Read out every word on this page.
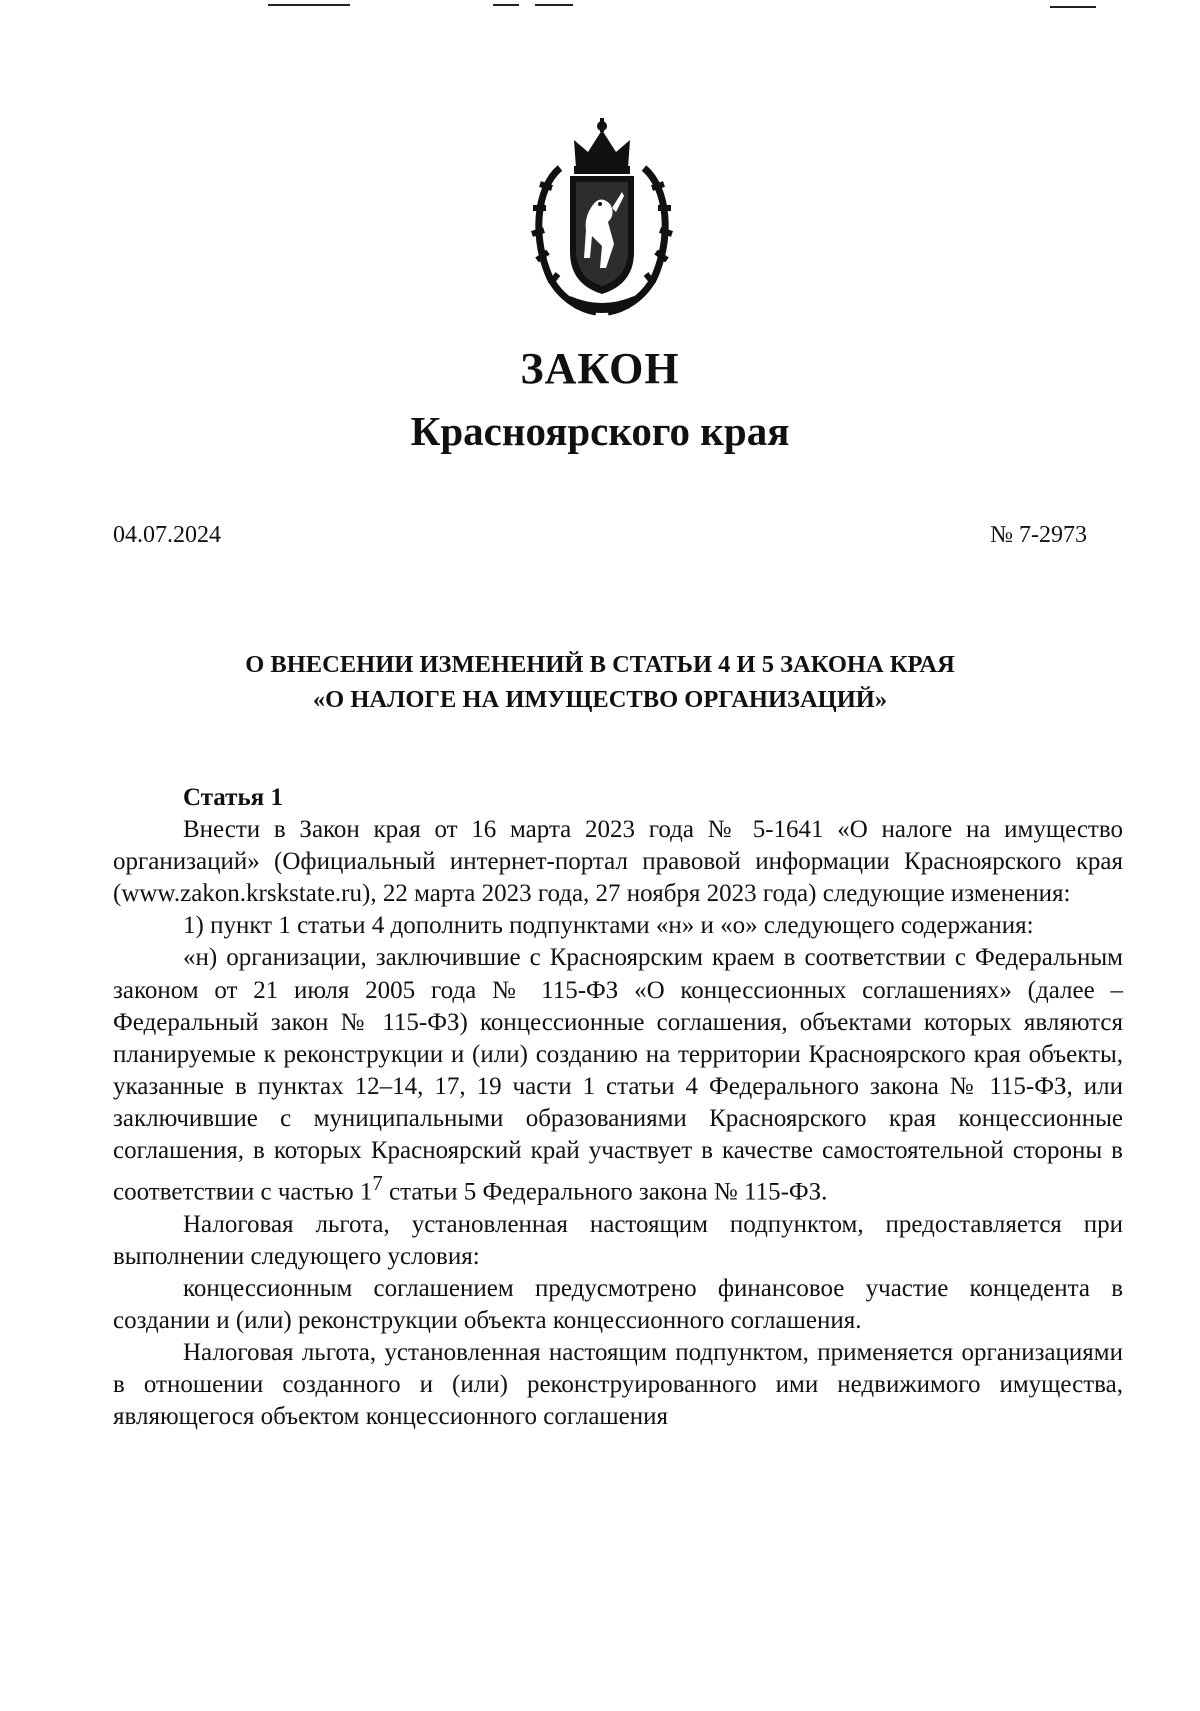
ЗАКОН
Красноярского края
04.07.2024	№ 7-2973
О ВНЕСЕНИИ ИЗМЕНЕНИЙ В СТАТЬИ 4 И 5 ЗАКОНА КРАЯ
«О НАЛОГЕ НА ИМУЩЕСТВО ОРГАНИЗАЦИЙ»
Статья 1

Внести в Закон края от 16 марта 2023 года № 5-1641 «О налоге на имущество организаций» (Официальный интернет-портал правовой информации Красноярского края (www.zakon.krskstate.ru), 22 марта 2023 года, 27 ноября 2023 года) следующие изменения:

1) пункт 1 статьи 4 дополнить подпунктами «н» и «о» следующего содержания:

«н) организации, заключившие с Красноярским краем в соответствии с Федеральным законом от 21 июля 2005 года № 115-ФЗ «О концессионных соглашениях» (далее – Федеральный закон № 115-ФЗ) концессионные соглашения, объектами которых являются планируемые к реконструкции и (или) созданию на территории Красноярского края объекты, указанные в пунктах 12–14, 17, 19 части 1 статьи 4 Федерального закона № 115-ФЗ, или заключившие с муниципальными образованиями Красноярского края концессионные соглашения, в которых Красноярский край участвует в качестве самостоятельной стороны в соответствии с частью $1^7$ статьи 5 Федерального закона № 115-ФЗ.

Налоговая льгота, установленная настоящим подпунктом, предоставляется при выполнении следующего условия:

концессионным соглашением предусмотрено финансовое участие концедента в создании и (или) реконструкции объекта концессионного соглашения.

Налоговая льгота, установленная настоящим подпунктом, применяется организациями в отношении созданного и (или) реконструированного ими недвижимого имущества, являющегося объектом концессионного соглашения
